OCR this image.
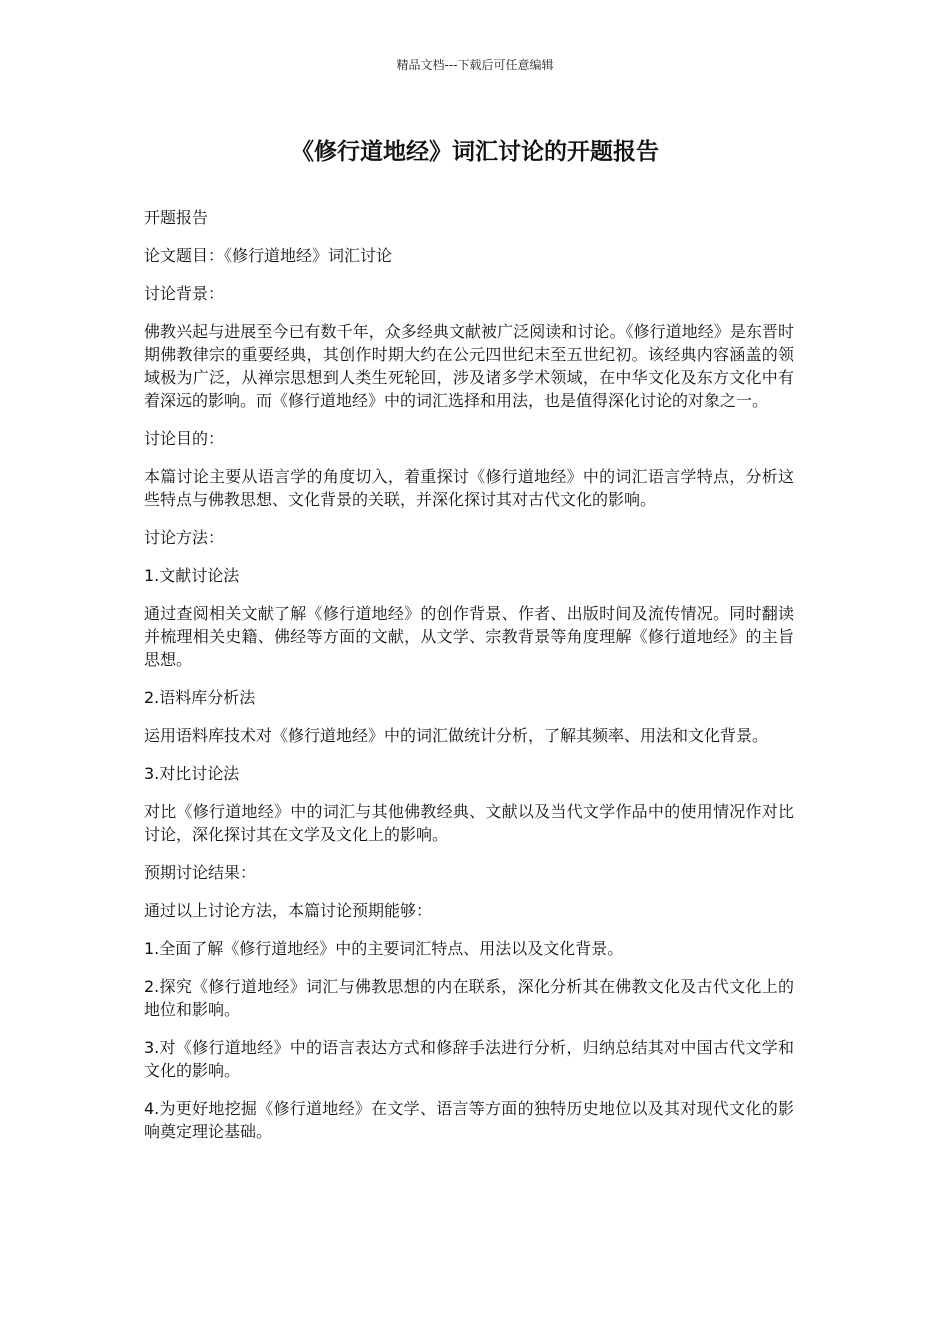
精品文档---下载后可任意编辑
《修行道地经》词汇讨论的开题报告

开题报告

论文题目：《修行道地经》词汇讨论

讨论背景：

佛教兴起与进展至今已有数千年，众多经典文献被广泛阅读和讨论。《修行道地经》是东晋时期佛教律宗的重要经典，其创作时期大约在公元四世纪末至五世纪初。该经典内容涵盖的领域极为广泛，从禅宗思想到人类生死轮回，涉及诸多学术领域，在中华文化及东方文化中有着深远的影响。而《修行道地经》中的词汇选择和用法，也是值得深化讨论的对象之一。

讨论目的：

本篇讨论主要从语言学的角度切入，着重探讨《修行道地经》中的词汇语言学特点，分析这些特点与佛教思想、文化背景的关联，并深化探讨其对古代文化的影响。

讨论方法：

1.文献讨论法

通过查阅相关文献了解《修行道地经》的创作背景、作者、出版时间及流传情况。同时翻读并梳理相关史籍、佛经等方面的文献，从文学、宗教背景等角度理解《修行道地经》的主旨思想。

2.语料库分析法

运用语料库技术对《修行道地经》中的词汇做统计分析，了解其频率、用法和文化背景。

3.对比讨论法

对比《修行道地经》中的词汇与其他佛教经典、文献以及当代文学作品中的使用情况作对比讨论，深化探讨其在文学及文化上的影响。

预期讨论结果：

通过以上讨论方法，本篇讨论预期能够：

1.全面了解《修行道地经》中的主要词汇特点、用法以及文化背景。

2.探究《修行道地经》词汇与佛教思想的内在联系，深化分析其在佛教文化及古代文化上的地位和影响。

3.对《修行道地经》中的语言表达方式和修辞手法进行分析，归纳总结其对中国古代文学和文化的影响。

4.为更好地挖掘《修行道地经》在文学、语言等方面的独特历史地位以及其对现代文化的影响奠定理论基础。
